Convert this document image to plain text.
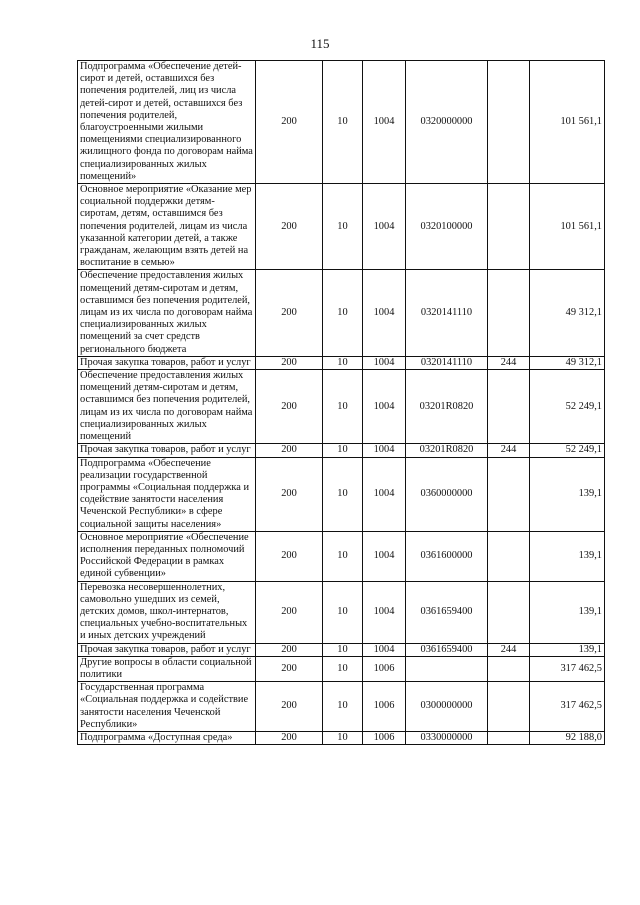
115
Подпрограмма «Обеспечение детей-сирот и детей, оставшихся без попечения родителей, лиц из числа детей-сирот и детей, оставшихся без попечения родителей, благоустроенными жилыми помещениями специализированного жилищного фонда по договорам найма специализированных жилых помещений»	200	10	1004	0320000000		101 561,1
Основное мероприятие «Оказание мер социальной поддержки детям-сиротам, детям, оставшимся без попечения родителей, лицам из числа указанной категории детей, а также гражданам, желающим взять детей на воспитание в семью»	200	10	1004	0320100000		101 561,1
Обеспечение предоставления жилых помещений детям-сиротам и детям, оставшимся без попечения родителей, лицам из их числа по договорам найма специализированных жилых помещений за счет средств регионального бюджета	200	10	1004	0320141110		49 312,1
Прочая закупка товаров, работ и услуг	200	10	1004	0320141110	244	49 312,1
Обеспечение предоставления жилых помещений детям-сиротам и детям, оставшимся без попечения родителей, лицам из их числа по договорам найма специализированных жилых помещений	200	10	1004	03201R0820		52 249,1
Прочая закупка товаров, работ и услуг	200	10	1004	03201R0820	244	52 249,1
Подпрограмма «Обеспечение реализации государственной программы «Социальная поддержка и содействие занятости населения Чеченской Республики» в сфере социальной защиты населения»	200	10	1004	0360000000		139,1
Основное мероприятие «Обеспечение исполнения переданных полномочий Российской Федерации в рамках единой субвенции»	200	10	1004	0361600000		139,1
Перевозка несовершеннолетних, самовольно ушедших из семей, детских домов, школ-интернатов, специальных учебно-воспитательных и иных детских учреждений	200	10	1004	0361659400		139,1
Прочая закупка товаров, работ и услуг	200	10	1004	0361659400	244	139,1
Другие вопросы в области социальной политики	200	10	1006			317 462,5
Государственная программа «Социальная поддержка и содействие занятости населения Чеченской Республики»	200	10	1006	0300000000		317 462,5
Подпрограмма «Доступная среда»	200	10	1006	0330000000		92 188,0
